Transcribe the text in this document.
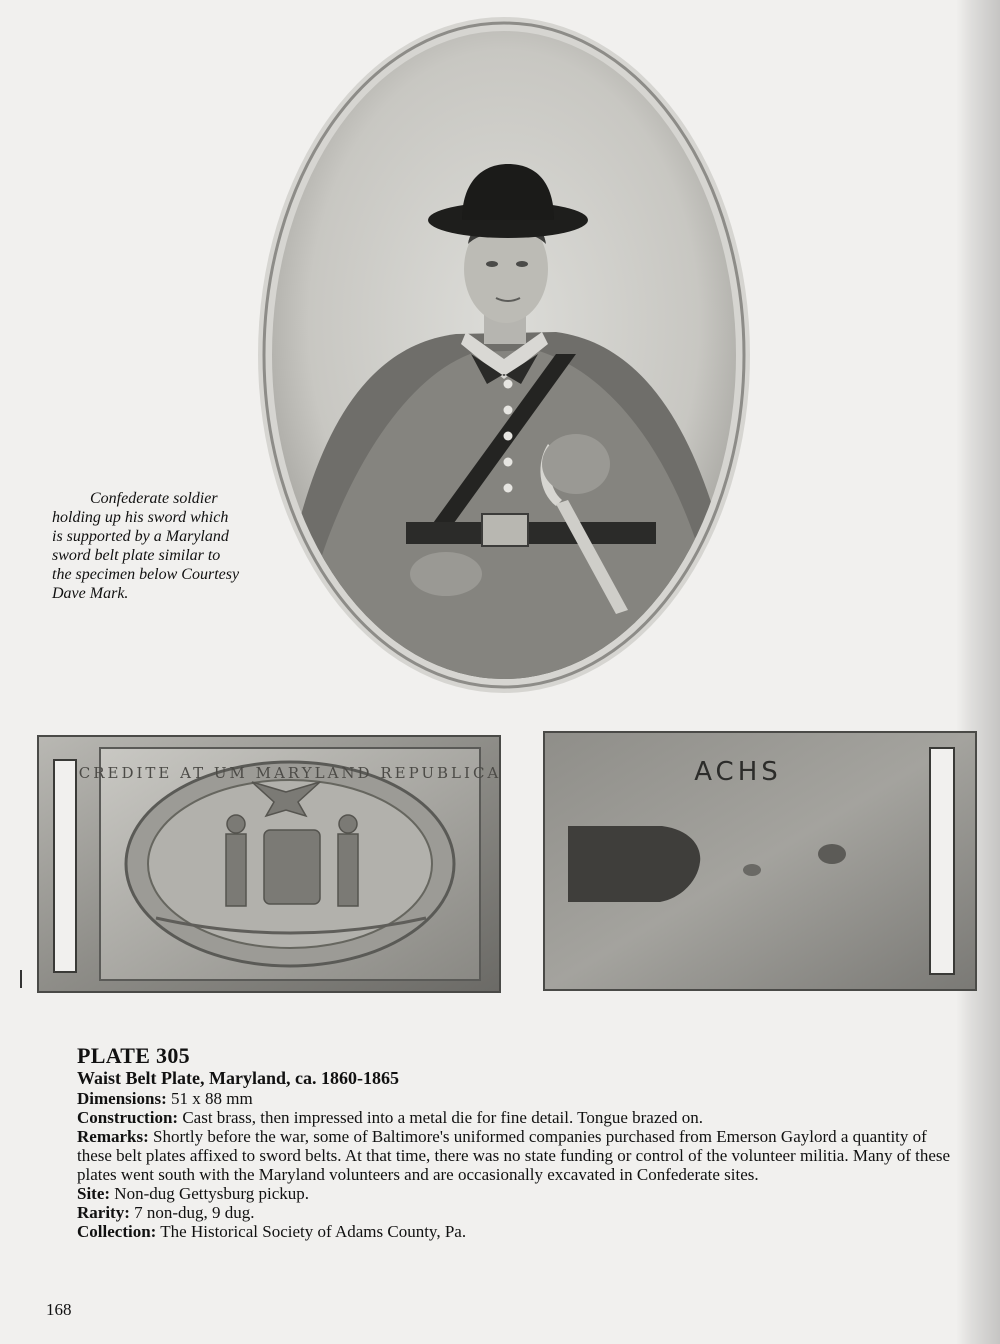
Confederate soldier holding up his sword which is supported by a Maryland sword belt plate similar to the specimen below Courtesy Dave Mark.

CREDITE AT UM MARYLAND REPUBLICA	ACHS
PLATE 305
Waist Belt Plate, Maryland, ca. 1860-1865

Dimensions: 51 x 88 mm

Construction: Cast brass, then impressed into a metal die for fine detail. Tongue brazed on.

Remarks: Shortly before the war, some of Baltimore's uniformed companies purchased from Emerson Gaylord a quantity of these belt plates affixed to sword belts. At that time, there was no state funding or control of the volunteer militia. Many of these plates went south with the Maryland volunteers and are occasionally excavated in Confederate sites.

Site: Non-dug Gettysburg pickup.

Rarity: 7 non-dug, 9 dug.

Collection: The Historical Society of Adams County, Pa.

168
